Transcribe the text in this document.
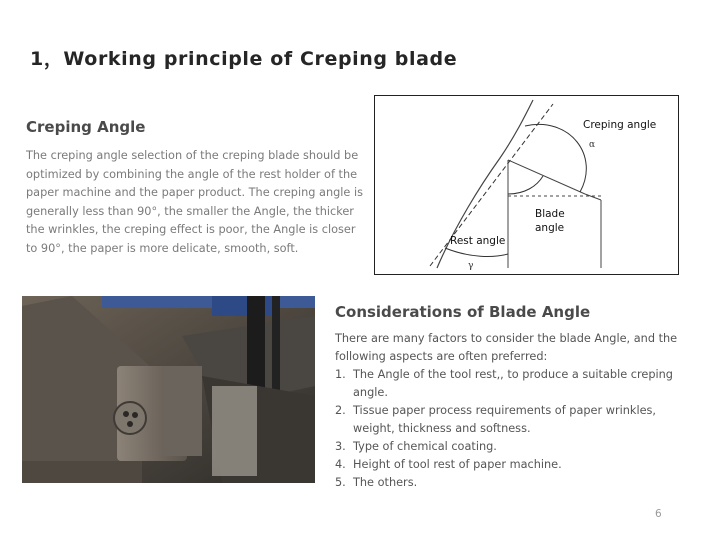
1，Working principle of Creping blade
Creping Angle

The creping angle selection of the creping blade should be optimized by combining the angle of the rest holder of the paper machine and the paper product. The creping angle is generally less than 90°, the smaller the Angle, the thicker the wrinkles, the creping effect is poor, the Angle is closer to 90°, the paper is more delicate, smooth, soft.

Creping angle
α
Blade
angle
Rest angle
γ
Considerations of Blade Angle

There are many factors to consider the blade Angle, and the following aspects are often preferred:

1. The Angle of the tool rest,, to produce a suitable creping angle.
2. Tissue paper process requirements of paper wrinkles, weight, thickness and softness.
3. Type of chemical coating.
4. Height of tool rest of paper machine.
5. The others.
6
